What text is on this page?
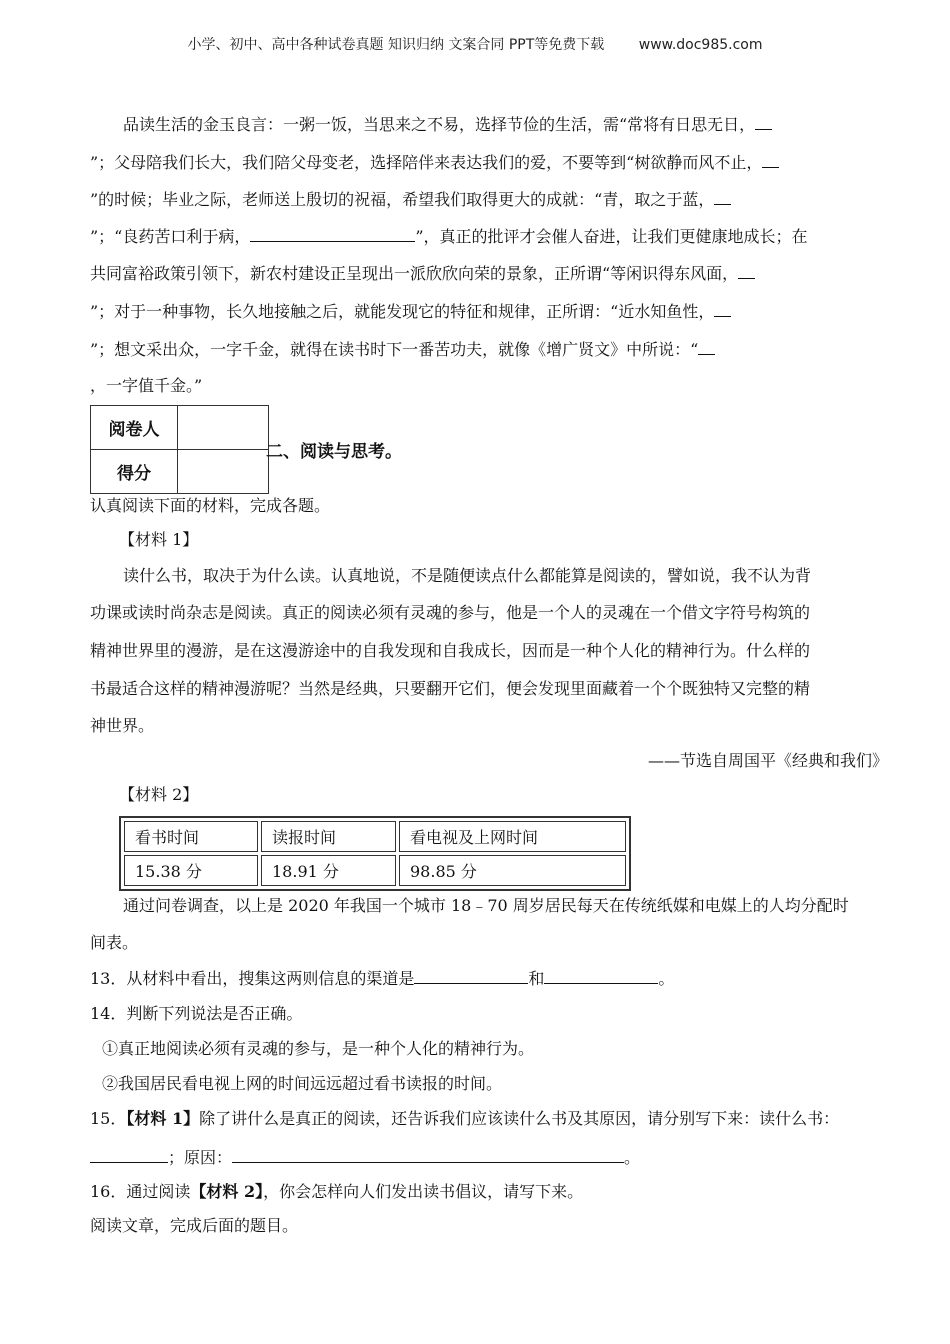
小学、初中、高中各种试卷真题 知识归纳 文案合同 PPT等免费下载 www.doc985.com
品读生活的金玉良言：一粥一饭，当思来之不易，选择节俭的生活，需“常将有日思无日，
”；父母陪我们长大，我们陪父母变老，选择陪伴来表达我们的爱，不要等到“树欲静而风不止，
”的时候；毕业之际，老师送上殷切的祝福，希望我们取得更大的成就：“青，取之于蓝，
”；“良药苦口利于病，	”，真正的批评才会催人奋进，让我们更健康地成长；在
共同富裕政策引领下，新农村建设正呈现出一派欣欣向荣的景象，正所谓“等闲识得东风面，
”；对于一种事物，长久地接触之后，就能发现它的特征和规律，正所谓：“近水知鱼性，
”；想文采出众，一字千金，就得在读书时下一番苦功夫，就像《增广贤文》中所说：“
，一字值千金。”
阅卷人	
得分	
二、阅读与思考。
认真阅读下面的材料，完成各题。
【材料 1】
读什么书，取决于为什么读。认真地说，不是随便读点什么都能算是阅读的，譬如说，我不认为背
功课或读时尚杂志是阅读。真正的阅读必须有灵魂的参与，他是一个人的灵魂在一个借文字符号构筑的
精神世界里的漫游，是在这漫游途中的自我发现和自我成长，因而是一种个人化的精神行为。什么样的
书最适合这样的精神漫游呢？当然是经典，只要翻开它们，便会发现里面藏着一个个既独特又完整的精
神世界。
——节选自周国平《经典和我们》
【材料 2】
看书时间	读报时间	看电视及上网时间
15.38 分	18.91 分	98.85 分
通过问卷调查，以上是 2020 年我国一个城市 18﹣70 周岁居民每天在传统纸媒和电媒上的人均分配时
间表。
13．从材料中看出，搜集这两则信息的渠道是	和	。
14．判断下列说法是否正确。
①真正地阅读必须有灵魂的参与，是一种个人化的精神行为。
②我国居民看电视上网的时间远远超过看书读报的时间。
15．【材料 1】除了讲什么是真正的阅读，还告诉我们应该读什么书及其原因，请分别写下来：读什么书：
；原因：	。
16．通过阅读【材料 2】，你会怎样向人们发出读书倡议，请写下来。
阅读文章，完成后面的题目。
